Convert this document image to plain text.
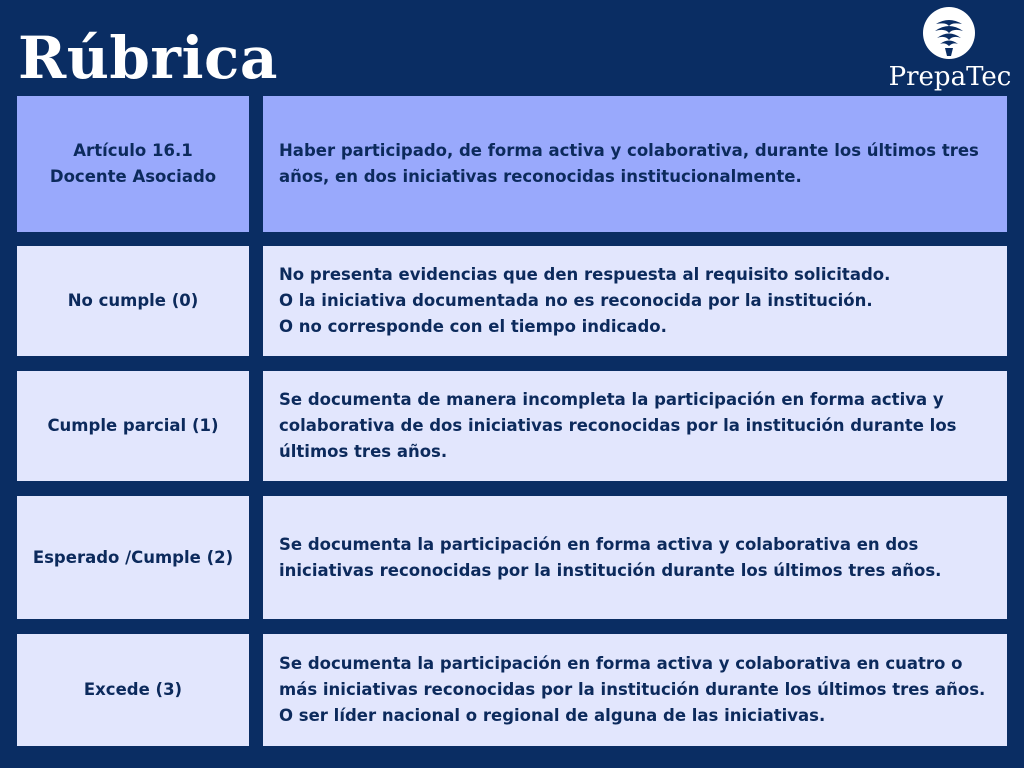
Rúbrica	PrepaTec
Artículo 16.1
Docente Asociado
Haber participado, de forma activa y colaborativa, durante los últimos tres
años, en dos iniciativas reconocidas institucionalmente.
No cumple (0)
No presenta evidencias que den respuesta al requisito solicitado.
O la iniciativa documentada no es reconocida por la institución.
O no corresponde con el tiempo indicado.
Cumple parcial (1)
Se documenta de manera incompleta la participación en forma activa y
colaborativa de dos iniciativas reconocidas por la institución durante los
últimos tres años.
Esperado /Cumple (2)
Se documenta la participación en forma activa y colaborativa en dos
iniciativas reconocidas por la institución durante los últimos tres años.
Excede (3)
Se documenta la participación en forma activa y colaborativa en cuatro o
más iniciativas reconocidas por la institución durante los últimos tres años.
O ser líder nacional o regional de alguna de las iniciativas.
